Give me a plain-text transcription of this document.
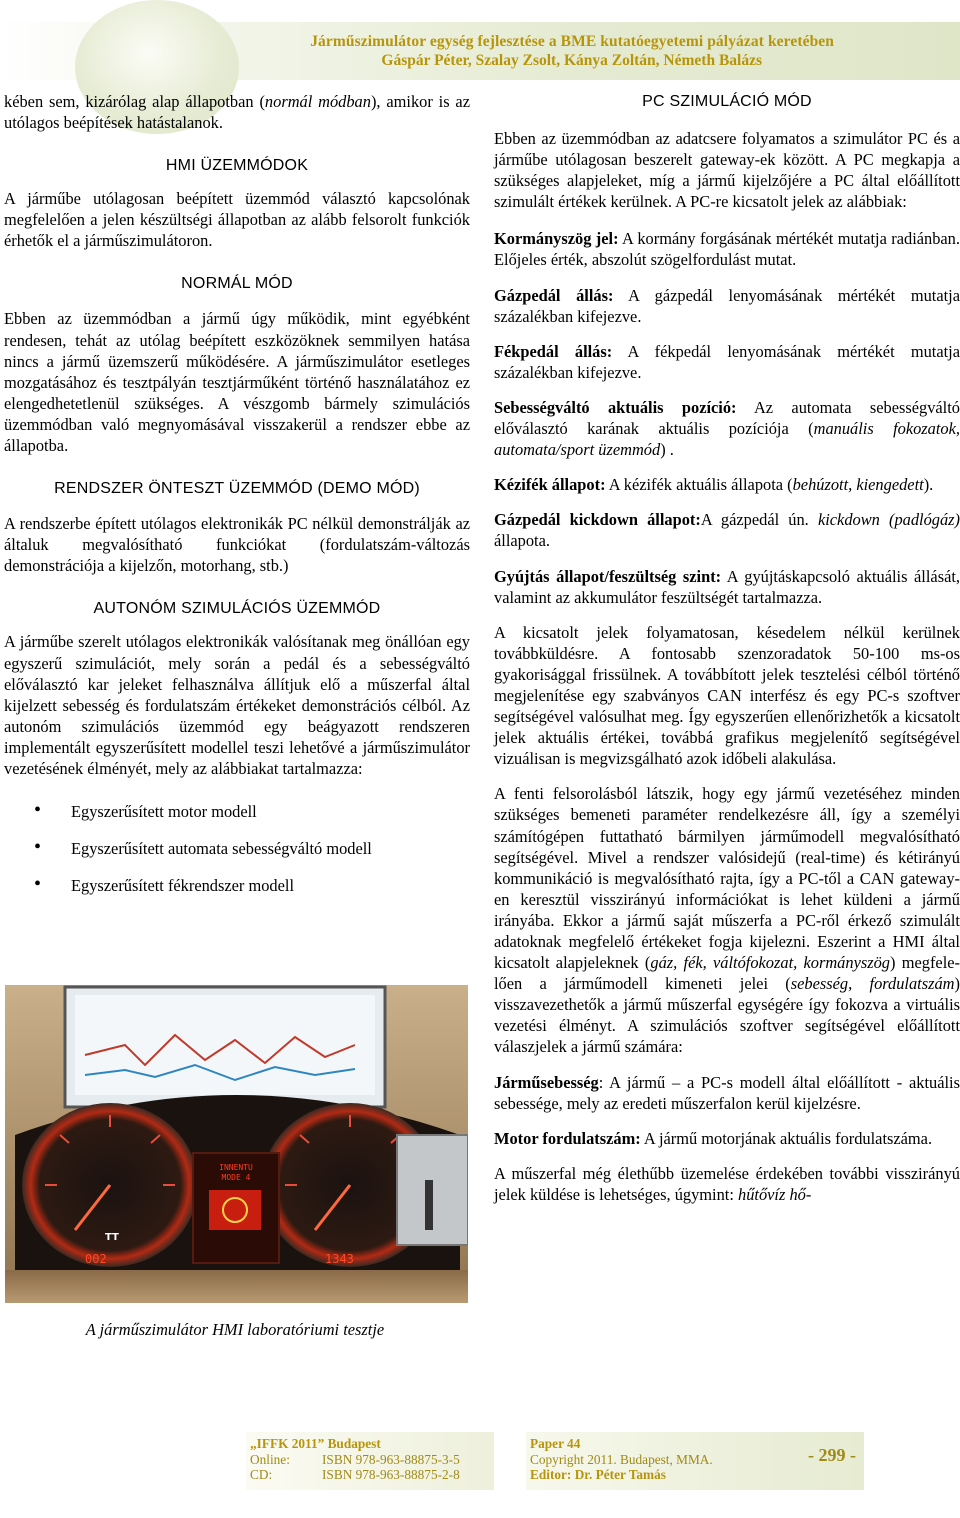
Járműszimulátor egység fejlesztése a BME kutatóegyetemi pályázat keretében
Gáspár Péter, Szalay Zsolt, Kánya Zoltán, Németh Balázs

kében sem, kizárólag alap állapotban (normál módban), amikor is az utólagos beépítések hatástalanok.

HMI ÜZEMMÓDOK

A járműbe utólagosan beépített üzemmód választó kapcsolónak megfelelően a jelen készültségi állapotban az alább felsorolt funkciók érhetők el a járműszimulátoron.

NORMÁL MÓD

Ebben az üzemmódban a jármű úgy működik, mint egyébként rendesen, tehát az utólag beépített eszközöknek semmilyen hatása nincs a jármű üzemszerű működésére. A járműszimulátor esetleges mozgatásához és tesztpályán tesztjárműként történő használatához ez elengedhetetlenül szükséges. A vészgomb bármely szimulációs üzemmódban való megnyomásával visszakerül a rendszer ebbe az állapotba.

RENDSZER ÖNTESZT ÜZEMMÓD (DEMO MÓD)

A rendszerbe épített utólagos elektronikák PC nélkül demonstrálják az általuk megvalósítható funkciókat (fordulatszám-változás demonstrációja a kijelzőn, motorhang, stb.)

AUTONÓM SZIMULÁCIÓS ÜZEMMÓD

A járműbe szerelt utólagos elektronikák valósítanak meg önállóan egy egyszerű szimulációt, mely során a pedál és a sebességváltó előválasztó kar jeleket felhasználva állítjuk elő a műszerfal által kijelzett sebesség és fordulatszám értékeket demonstrációs célból. Az autonóm szimulációs üzemmód egy beágyazott rendszeren implementált egyszerűsített modellel teszi lehetővé a járműszimulátor vezetésének élményét, mely az alábbiakat tartalmazza:

• Egyszerűsített motor modell
• Egyszerűsített automata sebességváltó modell
• Egyszerűsített fékrendszer modell
INNENTU
MODE 4
002	1343
TT
A járműszimulátor HMI laboratóriumi tesztje
PC SZIMULÁCIÓ MÓD

Ebben az üzemmódban az adatcsere folyamatos a szimulátor PC és a járműbe utólagosan beszerelt gateway-ek között. A PC megkapja a szükséges alapjeleket, míg a jármű kijelzőjére a PC által előállított szimulált értékek kerülnek. A PC-re kicsatolt jelek az alábbiak:

Kormányszög jel: A kormány forgásának mértékét mutatja radiánban. Előjeles érték, abszolút szögelfordulást mutat.

Gázpedál állás: A gázpedál lenyomásának mértékét mutatja százalékban kifejezve.

Fékpedál állás: A fékpedál lenyomásának mértékét mutatja százalékban kifejezve.

Sebességváltó aktuális pozíció: Az automata sebességváltó előválasztó karának aktuális pozíciója (manuális fokozatok, automata/sport üzemmód) .

Kézifék állapot: A kézifék aktuális állapota (behúzott, kiengedett).

Gázpedál kickdown állapot:A gázpedál ún. kickdown (padlógáz) állapota.

Gyújtás állapot/feszültség szint: A gyújtáskapcsoló aktuális állását, valamint az akkumulátor feszültségét tartalmazza.

A kicsatolt jelek folyamatosan, késedelem nélkül kerülnek továbbküldésre. A fontosabb szenzoradatok 50-100 ms-os gyakorisággal frissülnek. A továbbított jelek tesztelési célból történő megjelenítése egy szabványos CAN interfész és egy PC-s szoftver segítségével valósulhat meg. Így egyszerűen ellenőrizhetők a kicsatolt jelek aktuális értékei, továbbá grafikus megjelenítő segítségével vizuálisan is megvizsgálható azok időbeli alakulása.

A fenti felsorolásból látszik, hogy egy jármű vezetéséhez minden szükséges bemeneti paraméter rendelkezésre áll, így a személyi számítógépen futtatható bármilyen járműmodell megvalósítható segítségével. Mivel a rendszer valósidejű (real-time) és kétirányú kommunikáció is megvalósítható rajta, így a PC-től a CAN gateway-en keresztül visszirányú információkat is lehet küldeni a jármű irányába. Ekkor a jármű saját műszerfa a PC-ről érkező szimulált adatoknak megfelelő értékeket fogja kijelezni. Eszerint a HMI által kicsatolt alapjeleknek (gáz, fék, váltófokozat, kormányszög) megfelelően a járműmodell kimeneti jelei (sebesség, fordulatszám) visszavezethetők a jármű műszerfal egységére így fokozva a virtuális vezetési élményt. A szimulációs szoftver segítségével előállított válaszjelek a jármű számára:

Járműsebesség: A jármű – a PC-s modell által előállított - aktuális sebessége, mely az eredeti műszerfalon kerül kijelzésre.

Motor fordulatszám: A jármű motorjának aktuális fordulatszáma.

A műszerfal még élethűbb üzemelése érdekében további visszirányú jelek küldése is lehetséges, úgymint: hűtővíz hő-

„IFFK 2011” Budapest
Online:	ISBN 978-963-88875-3-5
CD:	ISBN 978-963-88875-2-8
Paper 44
Copyright 2011. Budapest, MMA.
Editor: Dr. Péter Tamás
- 299 -
